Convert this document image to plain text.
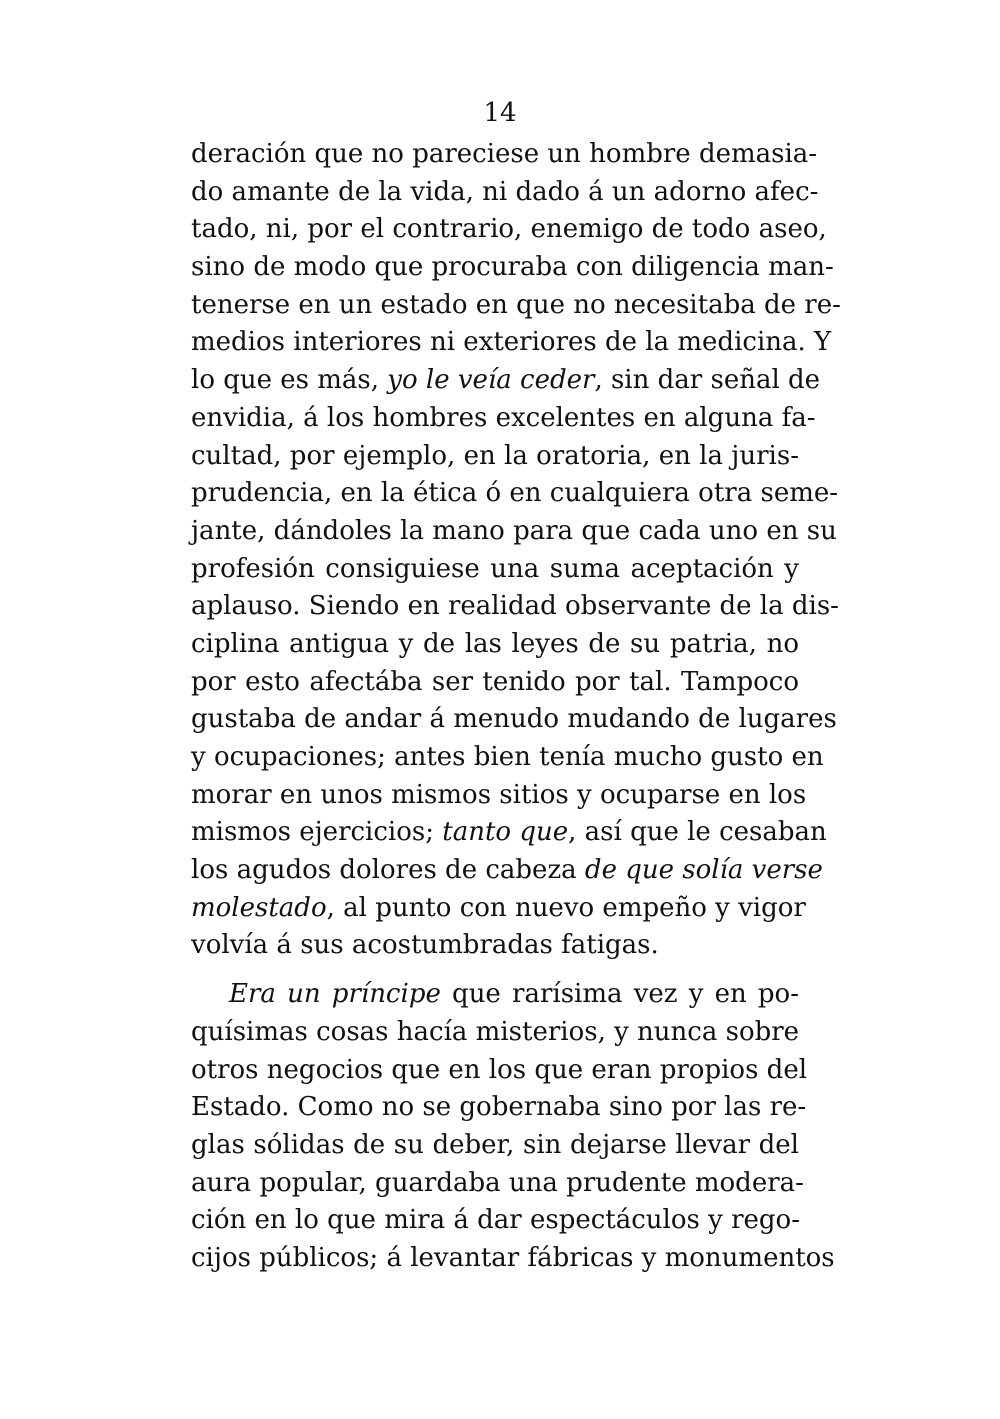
14
deración que no pareciese un hombre demasia-
do amante de la vida, ni dado á un adorno afec-
tado, ni, por el contrario, enemigo de todo aseo,
sino de modo que procuraba con diligencia man-
tenerse en un estado en que no necesitaba de re-
medios interiores ni exteriores de la medicina. Y
lo que es más, yo le veía ceder, sin dar señal de
envidia, á los hombres excelentes en alguna fa-
cultad, por ejemplo, en la oratoria, en la juris-
prudencia, en la ética ó en cualquiera otra seme-
jante, dándoles la mano para que cada uno en su
profesión consiguiese una suma aceptación y
aplauso. Siendo en realidad observante de la dis-
ciplina antigua y de las leyes de su patria, no
por esto afectába ser tenido por tal. Tampoco
gustaba de andar á menudo mudando de lugares
y ocupaciones; antes bien tenía mucho gusto en
morar en unos mismos sitios y ocuparse en los
mismos ejercicios; tanto que, así que le cesaban
los agudos dolores de cabeza de que solía verse
molestado, al punto con nuevo empeño y vigor
volvía á sus acostumbradas fatigas.
Era un príncipe que rarísima vez y en po-
quísimas cosas hacía misterios, y nunca sobre
otros negocios que en los que eran propios del
Estado. Como no se gobernaba sino por las re-
glas sólidas de su deber, sin dejarse llevar del
aura popular, guardaba una prudente modera-
ción en lo que mira á dar espectáculos y rego-
cijos públicos; á levantar fábricas y monumentos
